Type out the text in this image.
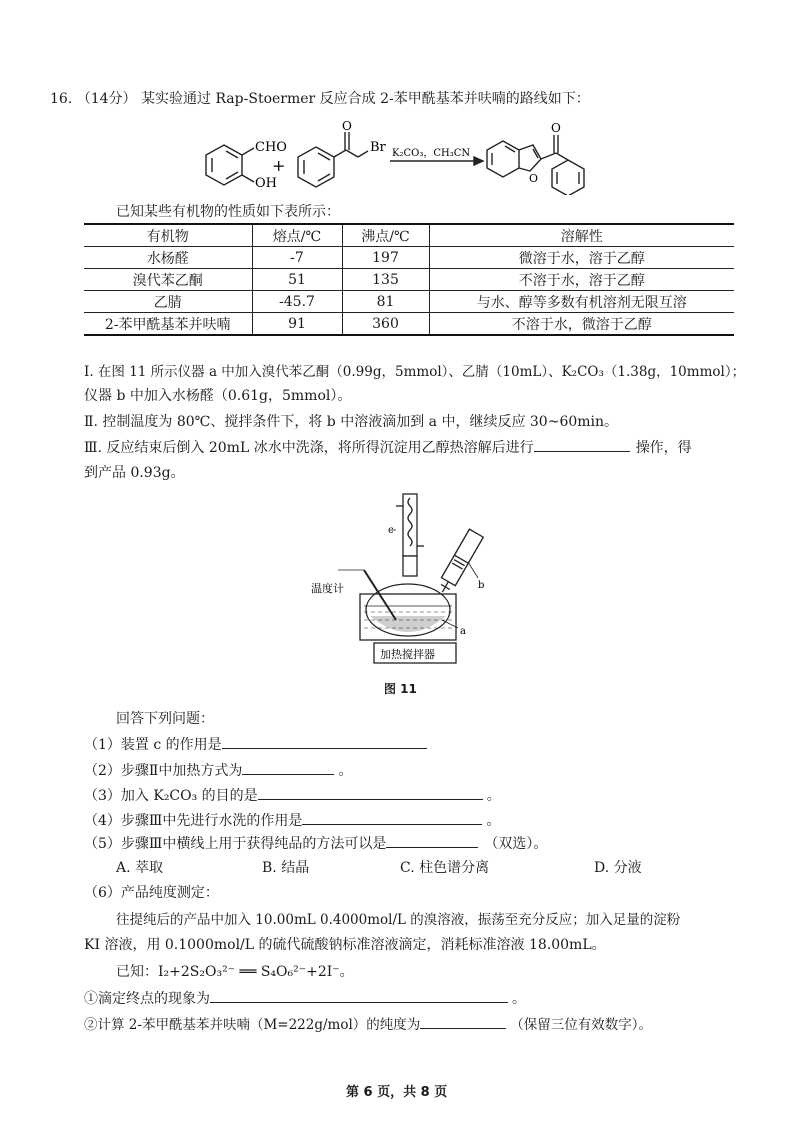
16. （14分） 某实验通过 Rap-Stoermer 反应合成 2-苯甲酰基苯并呋喃的路线如下：
CHO
OH
+
O
Br K₂CO₃，CH₃CN
O
O
已知某些有机物的性质如下表所示：
有机物	熔点/℃	沸点/℃	溶解性
水杨醛	-7	197	微溶于水，溶于乙醇
溴代苯乙酮	51	135	不溶于水，溶于乙醇
乙腈	-45.7	81	与水、醇等多数有机溶剂无限互溶
2-苯甲酰基苯并呋喃	91	360	不溶于水，微溶于乙醇
Ⅰ. 在图 11 所示仪器 a 中加入溴代苯乙酮（0.99g，5mmol）、乙腈（10mL）、K₂CO₃（1.38g，10mmol）；
仪器 b 中加入水杨醛（0.61g，5mmol）。
Ⅱ. 控制温度为 80℃、搅拌条件下，将 b 中溶液滴加到 a 中，继续反应 30~60min。
Ⅲ. 反应结束后倒入 20mL 冰水中洗涤，将所得沉淀用乙醇热溶解后进行	操作，得
到产品 0.93g。
c
b
a
温度计
加热搅拌器
图 11
回答下列问题：
（1）装置 c 的作用是
（2）步骤Ⅱ中加热方式为	。
（3）加入 K₂CO₃ 的目的是	。
（4）步骤Ⅲ中先进行水洗的作用是	。
（5）步骤Ⅲ中横线上用于获得纯品的方法可以是	（双选）。
A. 萃取	B. 结晶	C. 柱色谱分离	D. 分液
（6）产品纯度测定：
往提纯后的产品中加入 10.00mL 0.4000mol/L 的溴溶液，振荡至充分反应；加入足量的淀粉
KI 溶液，用 0.1000mol/L 的硫代硫酸钠标准溶液滴定，消耗标准溶液 18.00mL。
已知：I₂+2S₂O₃²⁻ ══ S₄O₆²⁻+2I⁻。
①滴定终点的现象为	。
②计算 2-苯甲酰基苯并呋喃（M=222g/mol）的纯度为	（保留三位有效数字）。
第 6 页，共 8 页
